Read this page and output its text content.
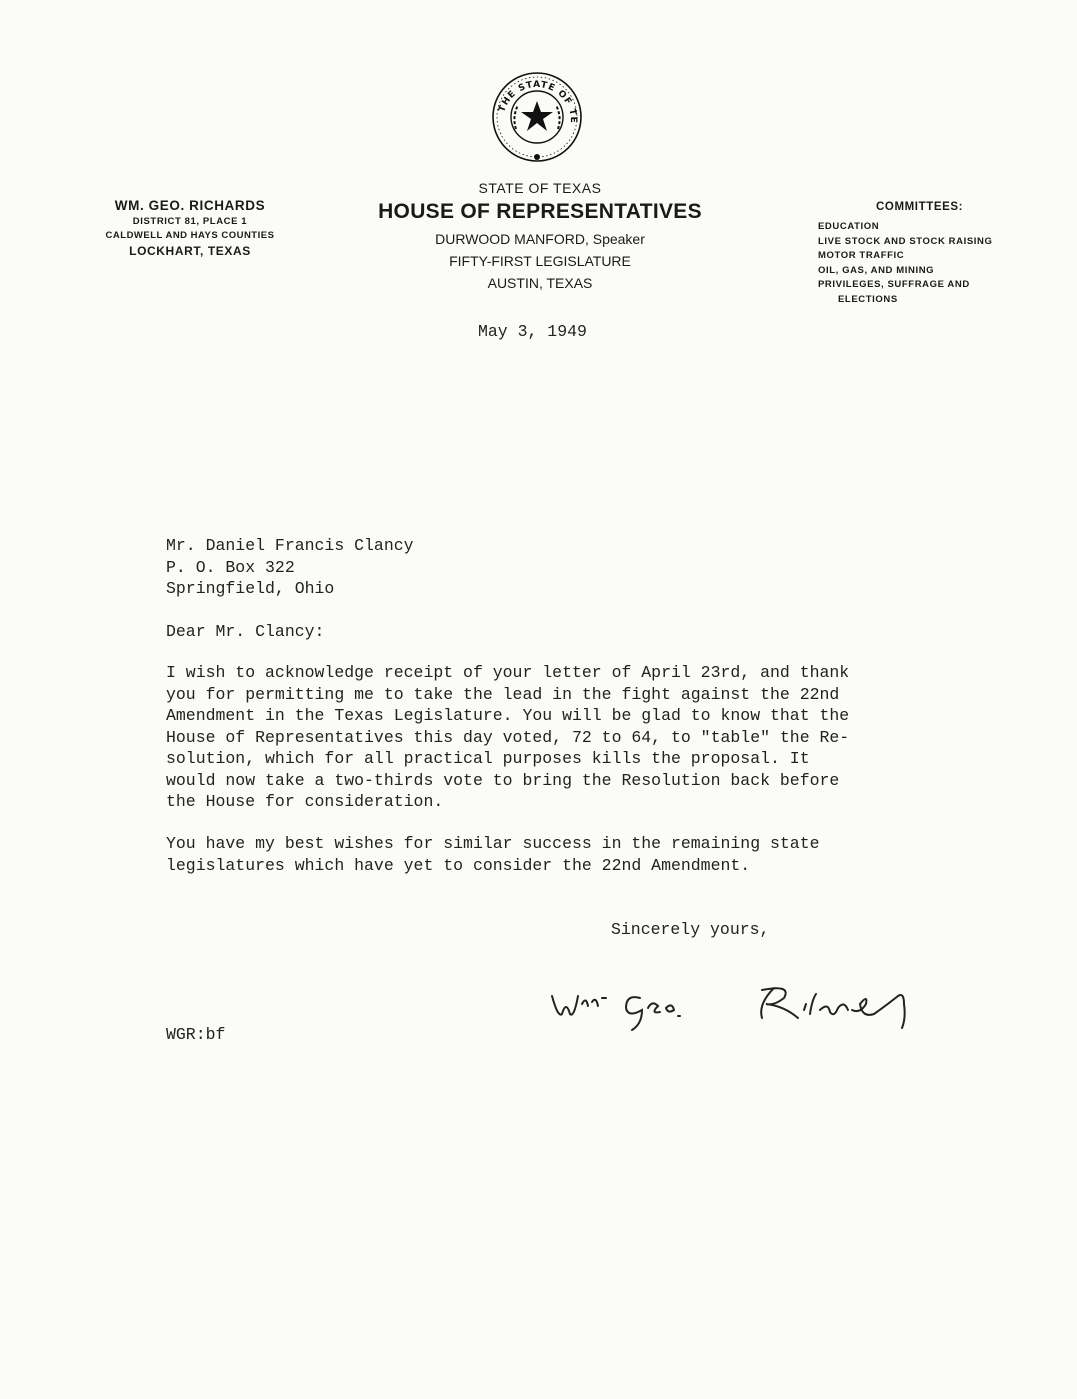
THE STATE OF TE
STATE OF TEXAS
HOUSE OF REPRESENTATIVES
DURWOOD MANFORD, Speaker
FIFTY-FIRST LEGISLATURE
AUSTIN, TEXAS
WM. GEO. RICHARDS
DISTRICT 81, PLACE 1
CALDWELL AND HAYS COUNTIES
LOCKHART, TEXAS
COMMITTEES:
EDUCATION
LIVE STOCK AND STOCK RAISING
MOTOR TRAFFIC
OIL, GAS, AND MINING
PRIVILEGES, SUFFRAGE AND
ELECTIONS
May 3, 1949
Mr. Daniel Francis Clancy
P. O. Box 322
Springfield, Ohio
Dear Mr. Clancy:
I wish to acknowledge receipt of your letter of April 23rd, and thank
you for permitting me to take the lead in the fight against the 22nd
Amendment in the Texas Legislature. You will be glad to know that the
House of Representatives this day voted, 72 to 64, to "table" the Re-
solution, which for all practical purposes kills the proposal. It
would now take a two-thirds vote to bring the Resolution back before
the House for consideration.
You have my best wishes for similar success in the remaining state
legislatures which have yet to consider the 22nd Amendment.
Sincerely yours,
WGR:bf
